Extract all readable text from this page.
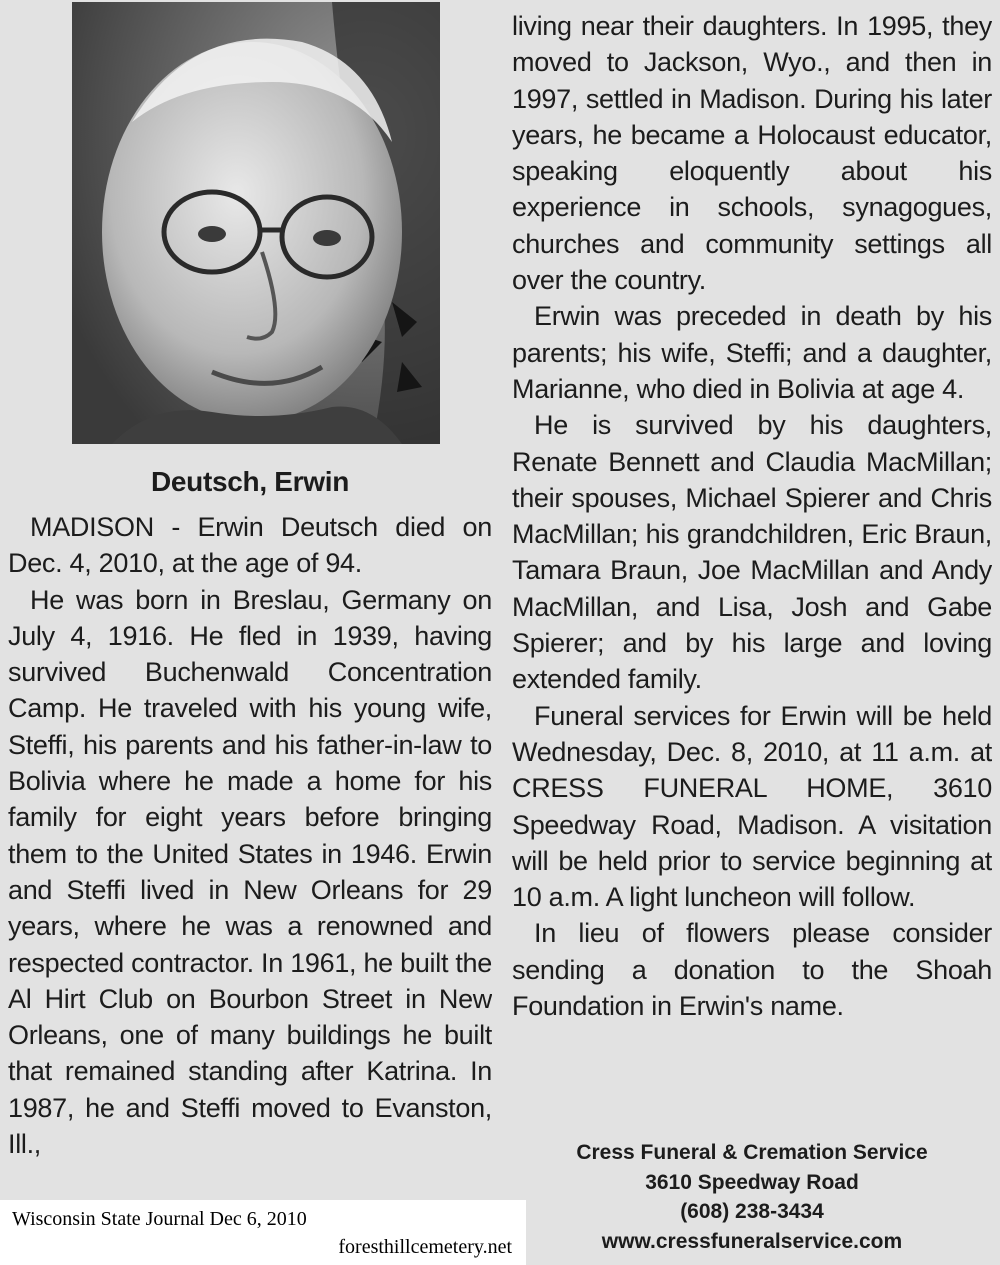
Deutsch, Erwin

MADISON - Erwin Deutsch died on Dec. 4, 2010, at the age of 94.

He was born in Breslau, Germany on July 4, 1916. He fled in 1939, having survived Buchenwald Concentration Camp. He traveled with his young wife, Steffi, his parents and his father-in-law to Bolivia where he made a home for his family for eight years before bringing them to the United States in 1946. Erwin and Steffi lived in New Orleans for 29 years, where he was a renowned and respected contractor. In 1961, he built the Al Hirt Club on Bourbon Street in New Orleans, one of many buildings he built that remained standing after Katrina. In 1987, he and Steffi moved to Evanston, Ill.,

living near their daughters. In 1995, they moved to Jackson, Wyo., and then in 1997, settled in Madison. During his later years, he became a Holocaust educator, speaking eloquently about his experience in schools, synagogues, churches and community settings all over the country.

Erwin was preceded in death by his parents; his wife, Steffi; and a daughter, Marianne, who died in Bolivia at age 4.

He is survived by his daughters, Renate Bennett and Claudia MacMillan; their spouses, Michael Spierer and Chris MacMillan; his grandchildren, Eric Braun, Tamara Braun, Joe MacMillan and Andy MacMillan, and Lisa, Josh and Gabe Spierer; and by his large and loving extended family.

Funeral services for Erwin will be held Wednesday, Dec. 8, 2010, at 11 a.m. at CRESS FUNERAL HOME, 3610 Speedway Road, Madison. A visitation will be held prior to service beginning at 10 a.m. A light luncheon will follow.

In lieu of flowers please consider sending a donation to the Shoah Foundation in Erwin's name.

Cress Funeral & Cremation Service
3610 Speedway Road
(608) 238-3434
www.cressfuneralservice.com
Wisconsin State Journal Dec 6, 2010
foresthillcemetery.net
